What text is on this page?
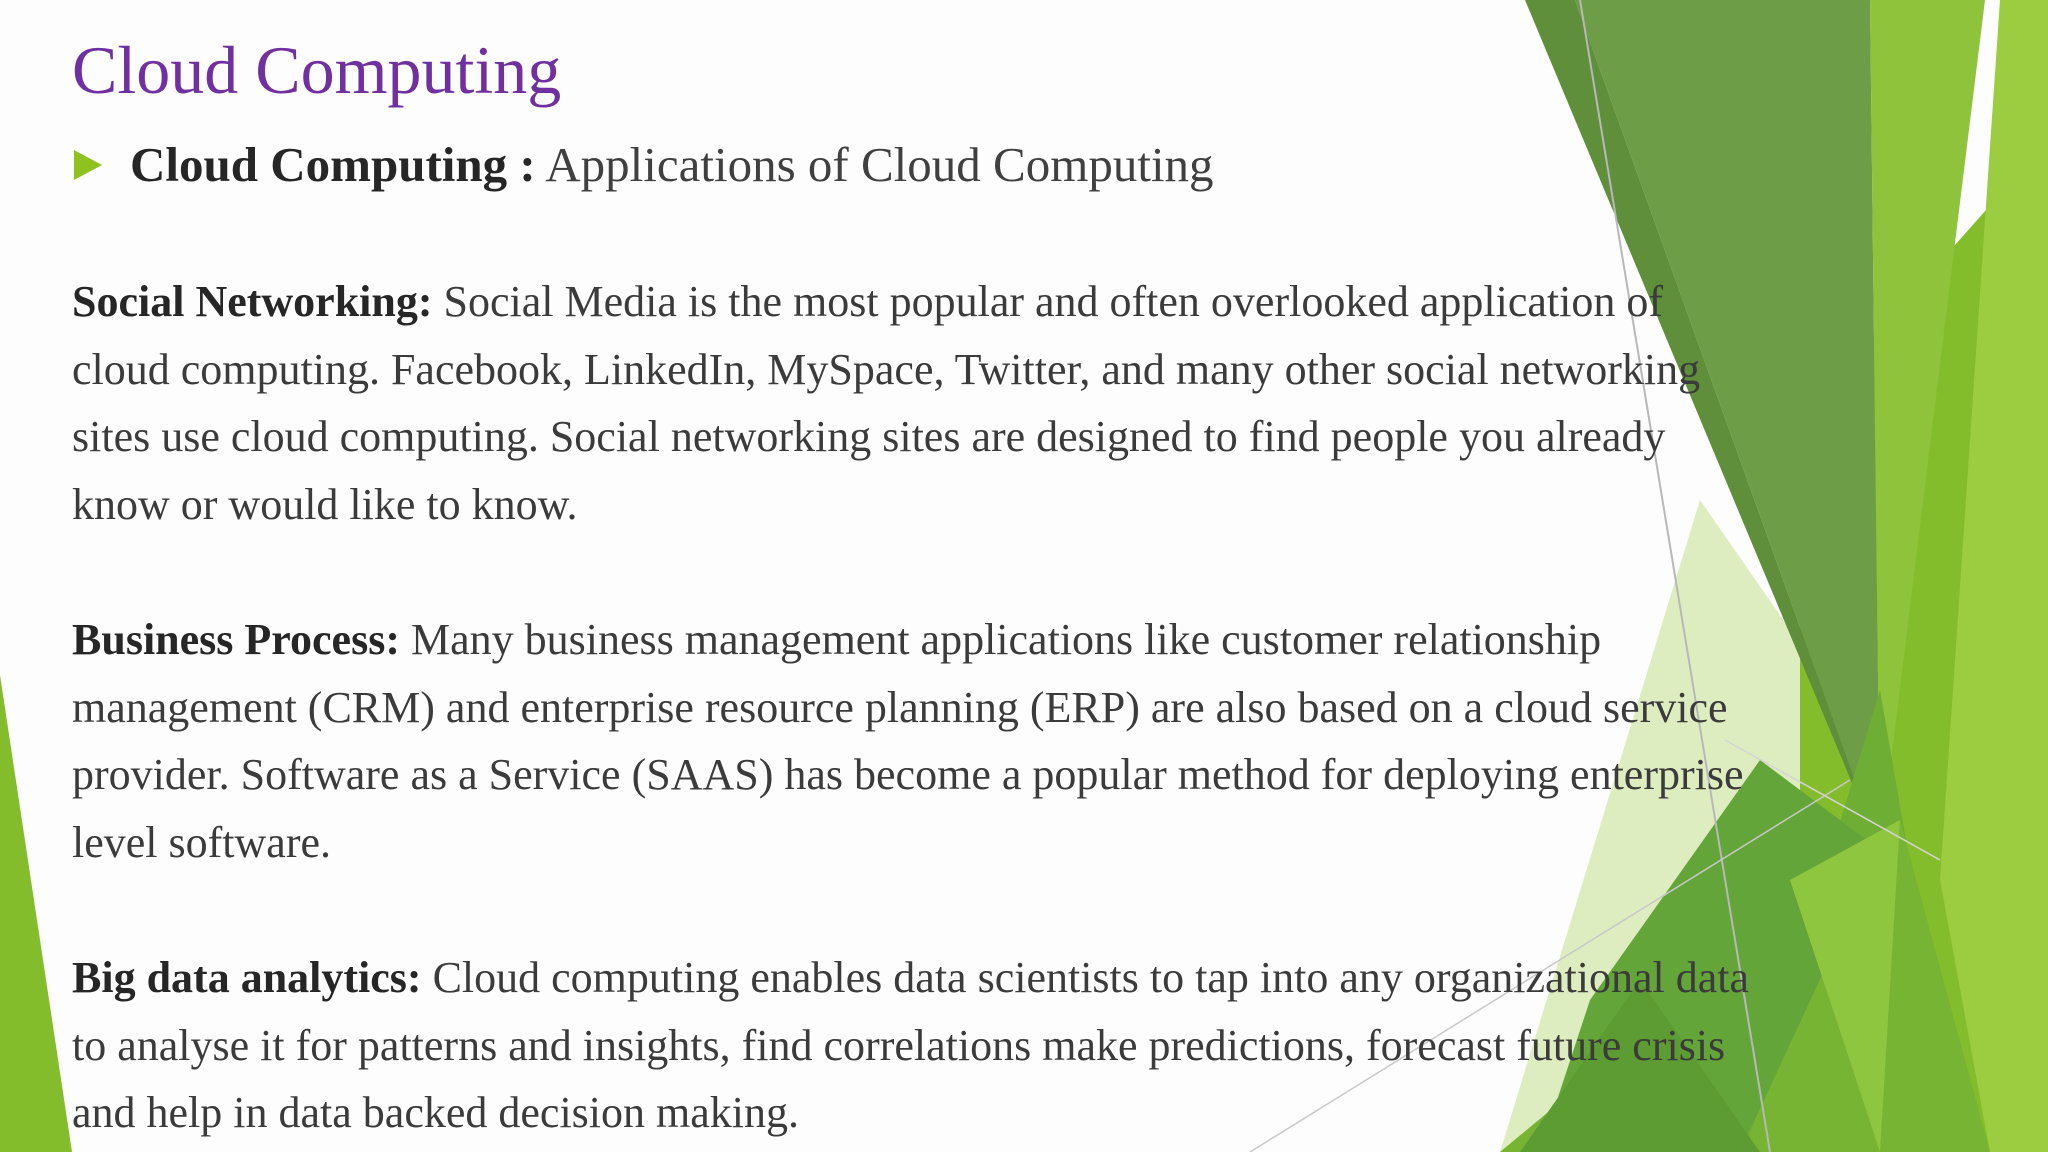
Cloud Computing
Cloud Computing : Applications of Cloud Computing
Social Networking: Social Media is the most popular and often overlooked application of
cloud computing. Facebook, LinkedIn, MySpace, Twitter, and many other social networking
sites use cloud computing. Social networking sites are designed to find people you already
know or would like to know.
Business Process: Many business management applications like customer relationship
management (CRM) and enterprise resource planning (ERP) are also based on a cloud service
provider. Software as a Service (SAAS) has become a popular method for deploying enterprise
level software.
Big data analytics: Cloud computing enables data scientists to tap into any organizational data
to analyse it for patterns and insights, find correlations make predictions, forecast future crisis
and help in data backed decision making.
